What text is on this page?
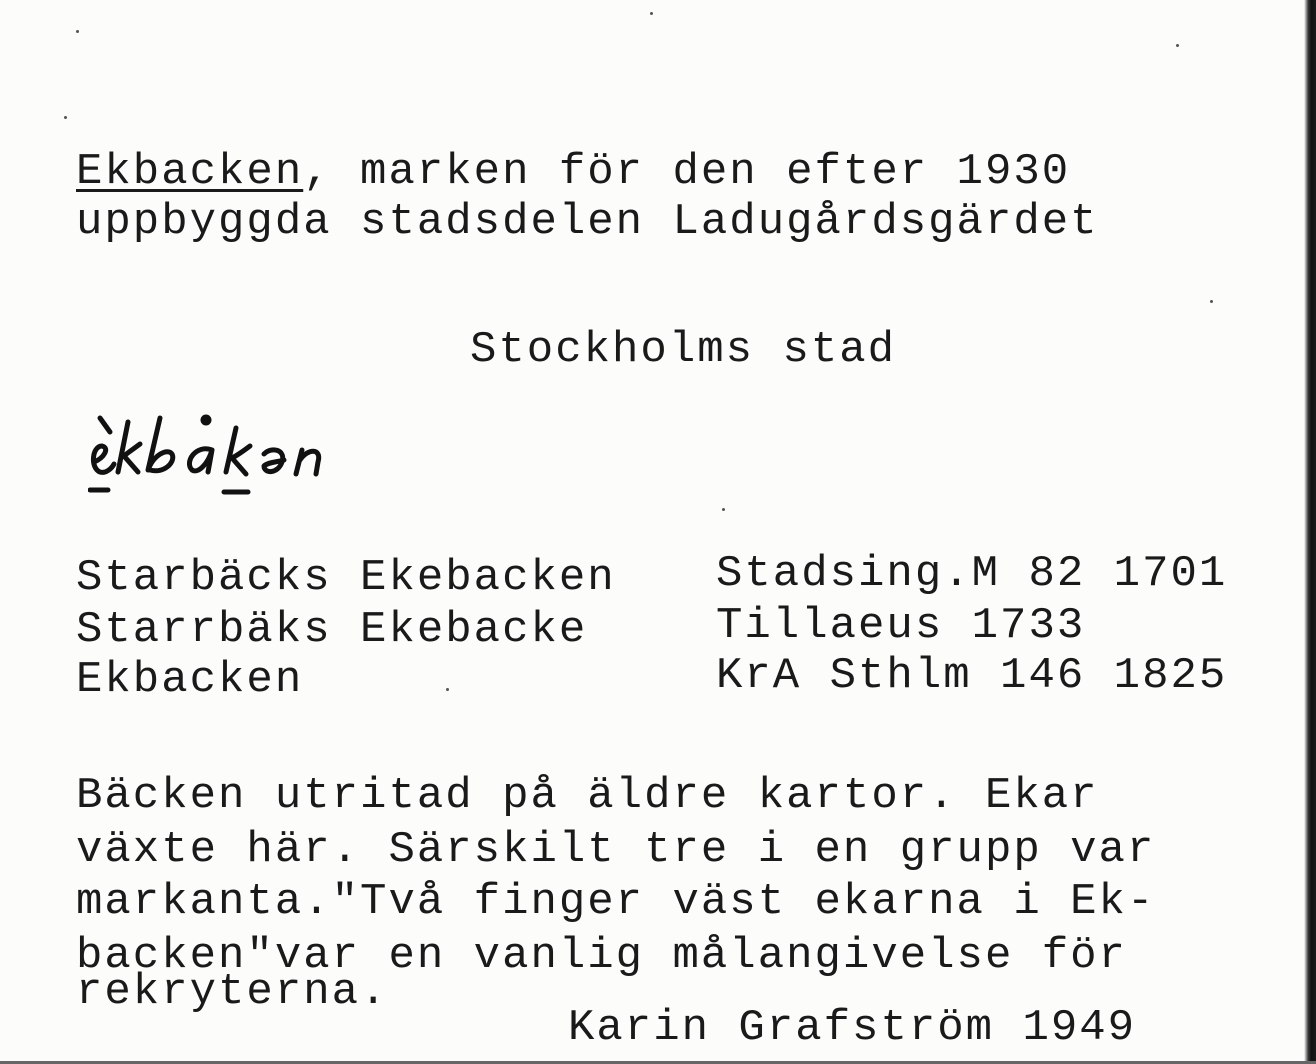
Ekbacken, marken för den efter 1930
uppbyggda stadsdelen Ladugårdsgärdet
Stockholms stad
Starbäcks Ekebacken Stadsing.M 82 1701
Starrbäks Ekebacke	Tillaeus 1733
Ekbacken	KrA Sthlm 146 1825
Bäcken utritad på äldre kartor. Ekar
växte här. Särskilt tre i en grupp var
markanta."Två finger väst ekarna i Ek-
backen"var en vanlig målangivelse för
rekryterna.
Karin Grafström 1949
